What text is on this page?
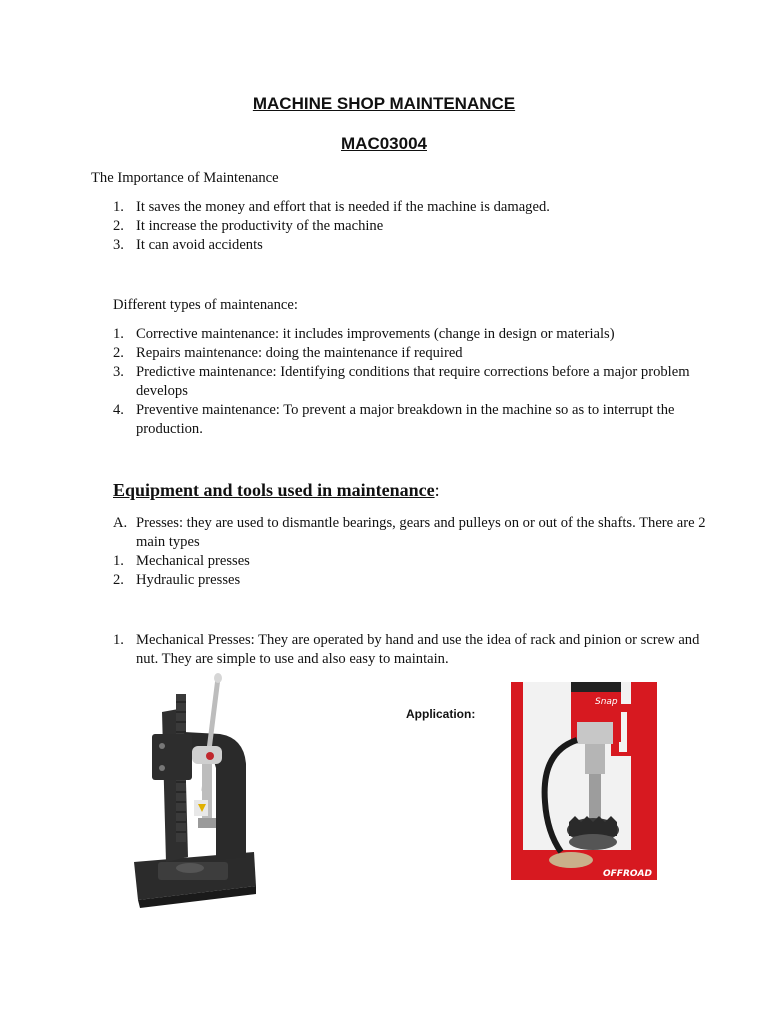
MACHINE SHOP MAINTENANCE
MAC03004
The Importance of Maintenance
1. It saves the money and effort that is needed if the machine is damaged.
2. It increase the productivity of the machine
3. It can avoid accidents
Different types of maintenance:
1. Corrective maintenance: it includes improvements (change in design or materials)
2. Repairs maintenance: doing the maintenance if required
3. Predictive maintenance: Identifying conditions that require corrections before a major problem develops
4. Preventive maintenance: To prevent a major breakdown in the machine so as to interrupt the production.
Equipment and tools used in maintenance:
A. Presses: they are used to dismantle bearings, gears and pulleys on or out of the shafts. There are 2 main types
1. Mechanical presses
2. Hydraulic presses
1. Mechanical Presses: They are operated by hand and use the idea of rack and pinion or screw and nut. They are simple to use and also easy to maintain.
Application:
Snap
OFFROAD
